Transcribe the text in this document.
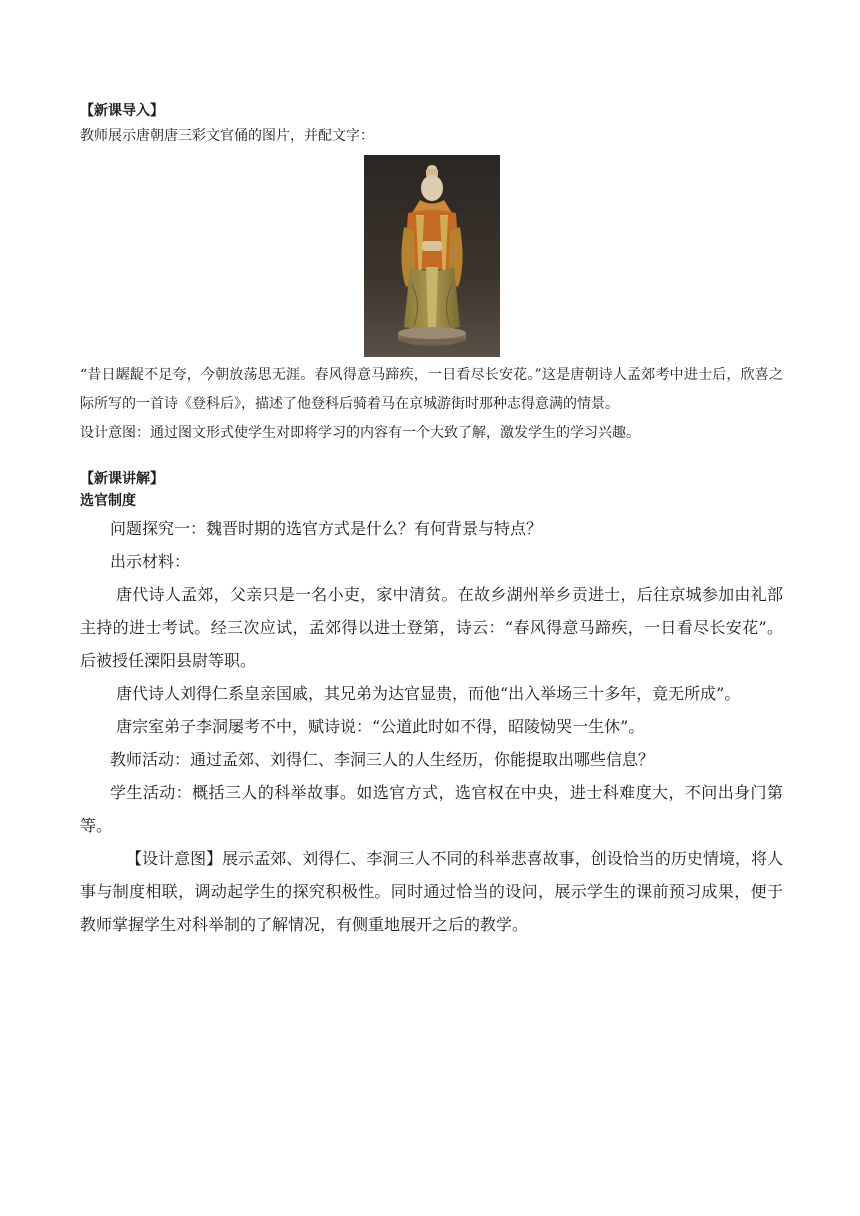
【新课导入】

教师展示唐朝唐三彩文官俑的图片，并配文字：

“昔日龌龊不足夸，今朝放荡思无涯。春风得意马蹄疾，一日看尽长安花。”这是唐朝诗人孟郊考中进士后，欣喜之际所写的一首诗《登科后》，描述了他登科后骑着马在京城游街时那种志得意满的情景。

设计意图：通过图文形式使学生对即将学习的内容有一个大致了解，激发学生的学习兴趣。

【新课讲解】

选官制度

问题探究一：魏晋时期的选官方式是什么？有何背景与特点？

出示材料：

唐代诗人孟郊，父亲只是一名小吏，家中清贫。在故乡湖州举乡贡进士，后往京城参加由礼部主持的进士考试。经三次应试，孟郊得以进士登第，诗云：“春风得意马蹄疾，一日看尽长安花”。后被授任溧阳县尉等职。

唐代诗人刘得仁系皇亲国戚，其兄弟为达官显贵，而他“出入举场三十多年，竟无所成”。

唐宗室弟子李洞屡考不中，赋诗说：“公道此时如不得，昭陵恸哭一生休”。

教师活动：通过孟郊、刘得仁、李洞三人的人生经历，你能提取出哪些信息？

学生活动：概括三人的科举故事。如选官方式，选官权在中央，进士科难度大，不问出身门第等。

【设计意图】展示孟郊、刘得仁、李洞三人不同的科举悲喜故事，创设恰当的历史情境，将人事与制度相联，调动起学生的探究积极性。同时通过恰当的设问，展示学生的课前预习成果，便于教师掌握学生对科举制的了解情况，有侧重地展开之后的教学。
